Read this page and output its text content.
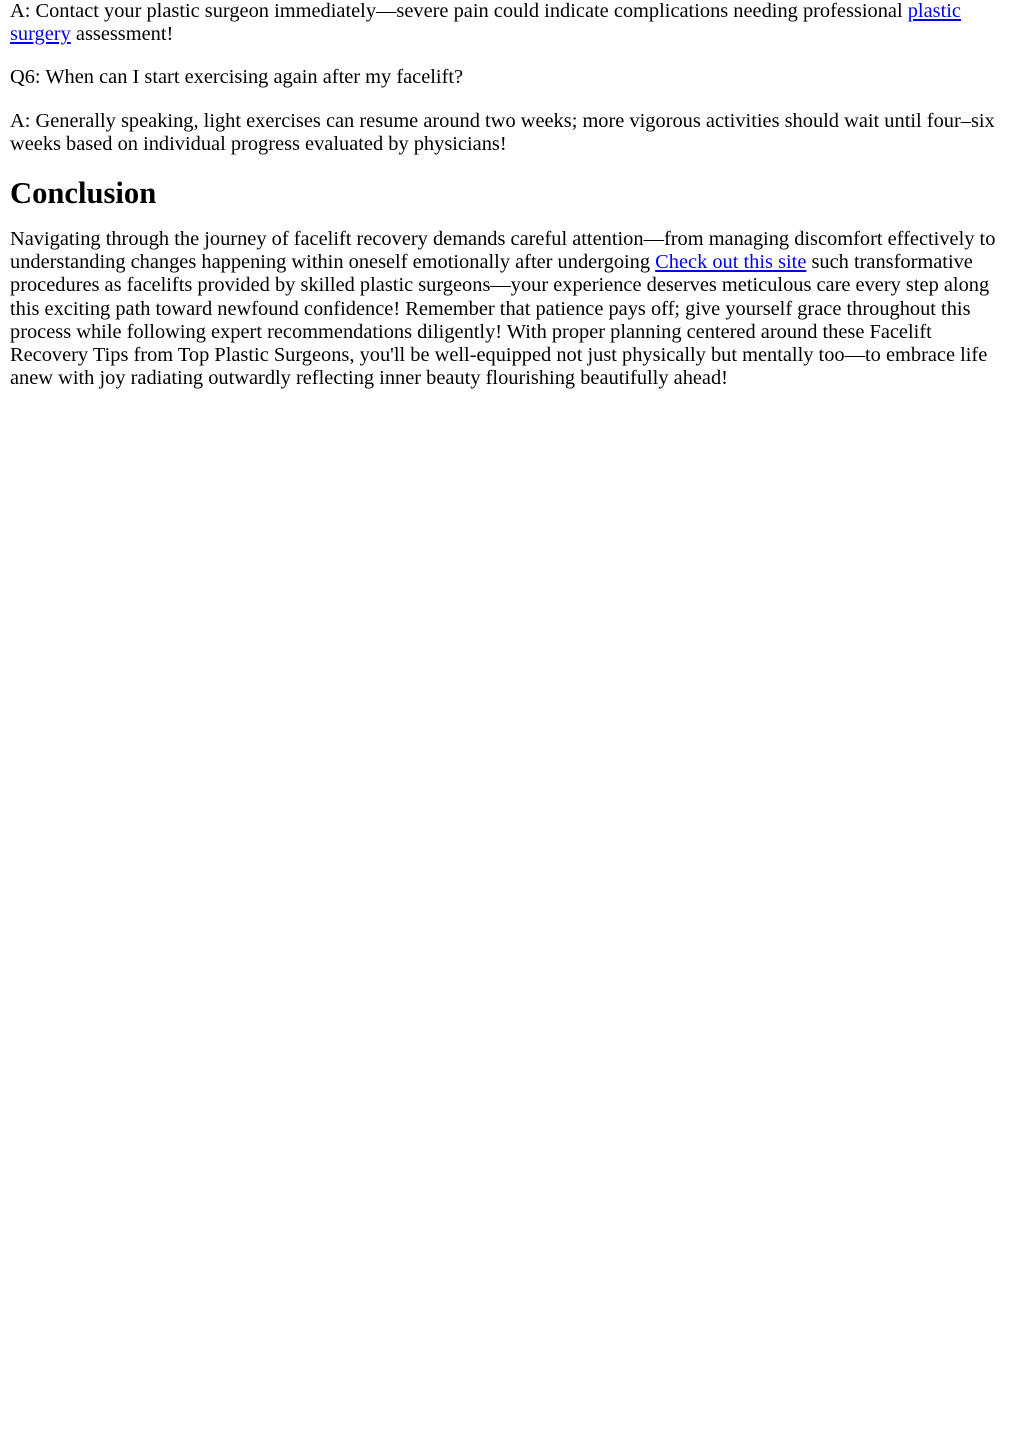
A: Contact your plastic surgeon immediately—severe pain could indicate complications needing professional plastic surgery assessment!

Q6: When can I start exercising again after my facelift?

A: Generally speaking, light exercises can resume around two weeks; more vigorous activities should wait until four–six weeks based on individual progress evaluated by physicians!

Conclusion

Navigating through the journey of facelift recovery demands careful attention—from managing discomfort effectively to understanding changes happening within oneself emotionally after undergoing Check out this site such transformative procedures as facelifts provided by skilled plastic surgeons—your experience deserves meticulous care every step along this exciting path toward newfound confidence! Remember that patience pays off; give yourself grace throughout this process while following expert recommendations diligently! With proper planning centered around these Facelift Recovery Tips from Top Plastic Surgeons, you'll be well-equipped not just physically but mentally too—to embrace life anew with joy radiating outwardly reflecting inner beauty flourishing beautifully ahead!
